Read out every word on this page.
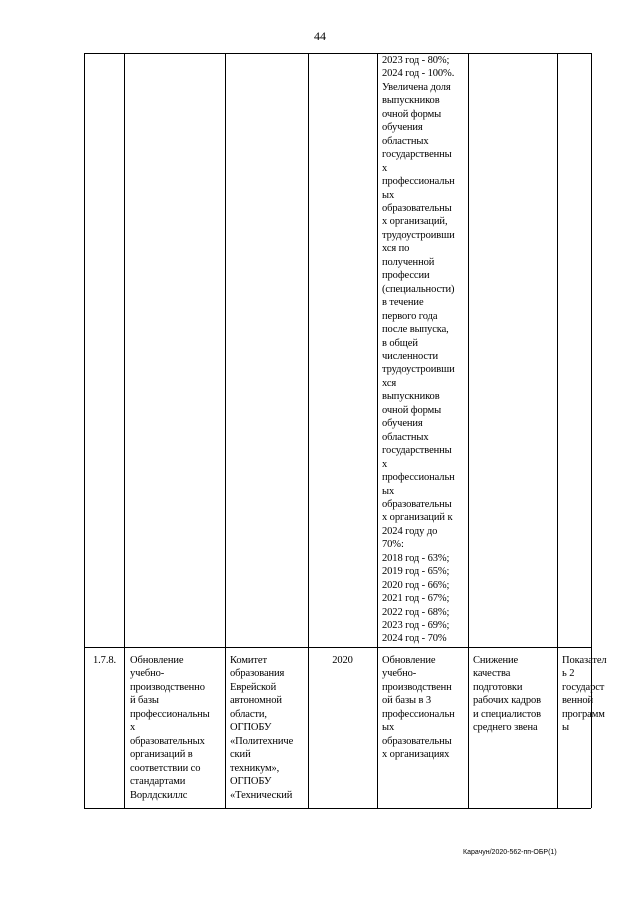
44
2023 год - 80%;
2024 год - 100%.
Увеличена доля
выпускников
очной формы
обучения
областных
государственны
х
профессиональн
ых
образовательны
х организаций,
трудоустроивши
хся по
полученной
профессии
(специальности)
в течение
первого года
после выпуска,
в общей
численности
трудоустроивши
хся
выпускников
очной формы
обучения
областных
государственны
х
профессиональн
ых
образовательны
х организаций к
2024 году до
70%:
2018 год - 63%;
2019 год - 65%;
2020 год - 66%;
2021 год - 67%;
2022 год - 68%;
2023 год - 69%;
2024 год - 70%
1.7.8.	Обновление
учебно-
производственно
й базы
профессиональны
х
образовательных
организаций в
соответствии со
стандартами
Ворлдскиллс
Комитет
образования
Еврейской
автономной
области,
ОГПОБУ
«Политехниче
ский
техникум»,
ОГПОБУ
«Технический
2020	Обновление
учебно-
производственн
ой базы в 3
профессиональн
ых
образовательны
х организациях
Снижение
качества
подготовки
рабочих кадров
и специалистов
среднего звена
Показател
ь 2
государст
венной
программ
ы
Карачун/2020-562-пп-ОБР(1)
